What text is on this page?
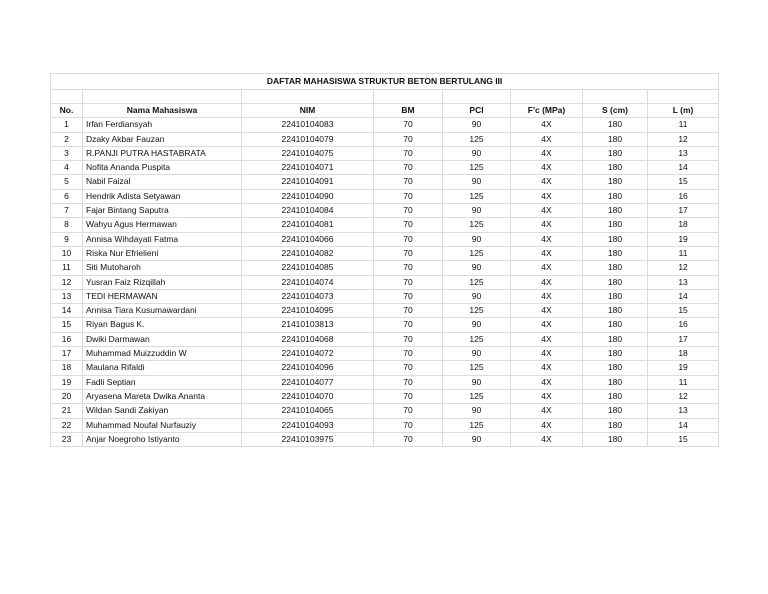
DAFTAR MAHASISWA STRUKTUR BETON BERTULANG III							

No.	Nama Mahasiswa	NIM	BM	PCI	F'c (MPa)	S (cm)	L (m)
1	Irfan Ferdiansyah	22410104083	70	90	4X	180	11
2	Dzaky Akbar Fauzan	22410104079	70	125	4X	180	12
3	R.PANJI PUTRA HASTABRATA	22410104075	70	90	4X	180	13
4	Nofita Ananda Puspita	22410104071	70	125	4X	180	14
5	Nabil Faizal	22410104091	70	90	4X	180	15
6	Hendrik Adista Setyawan	22410104090	70	125	4X	180	16
7	Fajar Bintang Saputra	22410104084	70	90	4X	180	17
8	Wahyu Agus Hermawan	22410104081	70	125	4X	180	18
9	Annisa Wihdayati Fatma	22410104066	70	90	4X	180	19
10	Riska Nur Efrielieni	22410104082	70	125	4X	180	11
11	Siti Mutoharoh	22410104085	70	90	4X	180	12
12	Yusran Faiz Rizqillah	22410104074	70	125	4X	180	13
13	TEDI HERMAWAN	22410104073	70	90	4X	180	14
14	Annisa Tiara Kusumawardani	22410104095	70	125	4X	180	15
15	Riyan Bagus K.	21410103813	70	90	4X	180	16
16	Dwiki Darmawan	22410104068	70	125	4X	180	17
17	Muhammad Muizzuddin W	22410104072	70	90	4X	180	18
18	Maulana Rifaldi	22410104096	70	125	4X	180	19
19	Fadli Septian	22410104077	70	90	4X	180	11
20	Aryasena Mareta Dwika Ananta	22410104070	70	125	4X	180	12
21	Wildan Sandi Zakiyan	22410104065	70	90	4X	180	13
22	Muhammad Noufal Nurfauziy	22410104093	70	125	4X	180	14
23	Anjar Noegroho Istiyanto	22410103975	70	90	4X	180	15
